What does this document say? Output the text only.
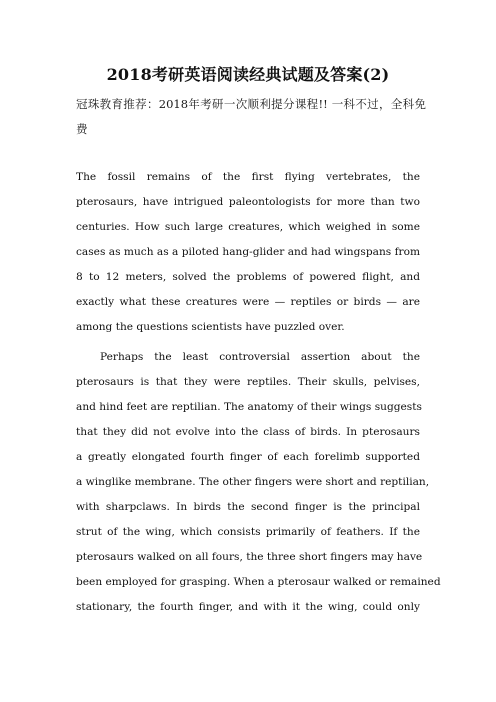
2018考研英语阅读经典试题及答案(2)
冠珠教育推荐：2018年考研一次顺利提分课程!! 一科不过，全科免费
The fossil remains of the first flying vertebrates, the
pterosaurs, have intrigued paleontologists for more than two
centuries. How such large creatures, which weighed in some
cases as much as a piloted hang-glider and had wingspans from
8 to 12 meters, solved the problems of powered flight, and
exactly what these creatures were — reptiles or birds — are
among the questions scientists have puzzled over.
Perhaps the least controversial assertion about the
pterosaurs is that they were reptiles. Their skulls, pelvises,
and hind feet are reptilian. The anatomy of their wings suggests
that they did not evolve into the class of birds. In pterosaurs
a greatly elongated fourth finger of each forelimb supported
a winglike membrane. The other fingers were short and reptilian,
with sharpclaws. In birds the second finger is the principal
strut of the wing, which consists primarily of feathers. If the
pterosaurs walked on all fours, the three short fingers may have
been employed for grasping. When a pterosaur walked or remained
stationary, the fourth finger, and with it the wing, could only
